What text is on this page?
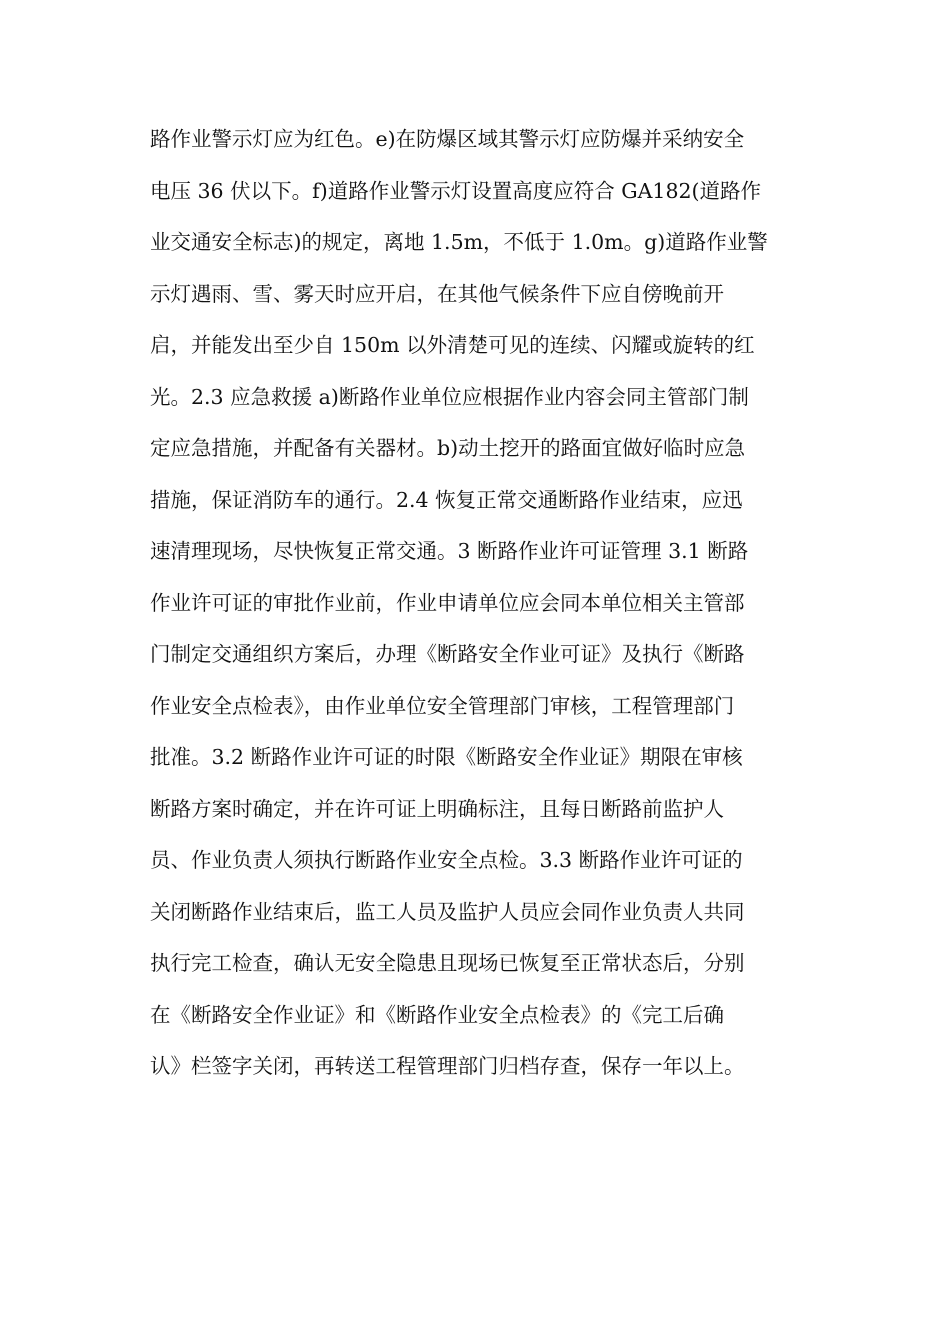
路作业警示灯应为红色。e)在防爆区域其警示灯应防爆并采纳安全
电压 36 伏以下。f)道路作业警示灯设置高度应符合 GA182(道路作
业交通安全标志)的规定，离地 1.5m，不低于 1.0m。g)道路作业警
示灯遇雨、雪、雾天时应开启，在其他气候条件下应自傍晚前开
启，并能发出至少自 150m 以外清楚可见的连续、闪耀或旋转的红
光。2.3 应急救援 a)断路作业单位应根据作业内容会同主管部门制
定应急措施，并配备有关器材。b)动土挖开的路面宜做好临时应急
措施，保证消防车的通行。2.4 恢复正常交通断路作业结束，应迅
速清理现场，尽快恢复正常交通。3 断路作业许可证管理 3.1 断路
作业许可证的审批作业前，作业申请单位应会同本单位相关主管部
门制定交通组织方案后，办理《断路安全作业可证》及执行《断路
作业安全点检表》，由作业单位安全管理部门审核，工程管理部门
批准。3.2 断路作业许可证的时限《断路安全作业证》期限在审核
断路方案时确定，并在许可证上明确标注，且每日断路前监护人
员、作业负责人须执行断路作业安全点检。3.3 断路作业许可证的
关闭断路作业结束后，监工人员及监护人员应会同作业负责人共同
执行完工检查，确认无安全隐患且现场已恢复至正常状态后，分别
在《断路安全作业证》和《断路作业安全点检表》的《完工后确
认》栏签字关闭，再转送工程管理部门归档存查，保存一年以上。
